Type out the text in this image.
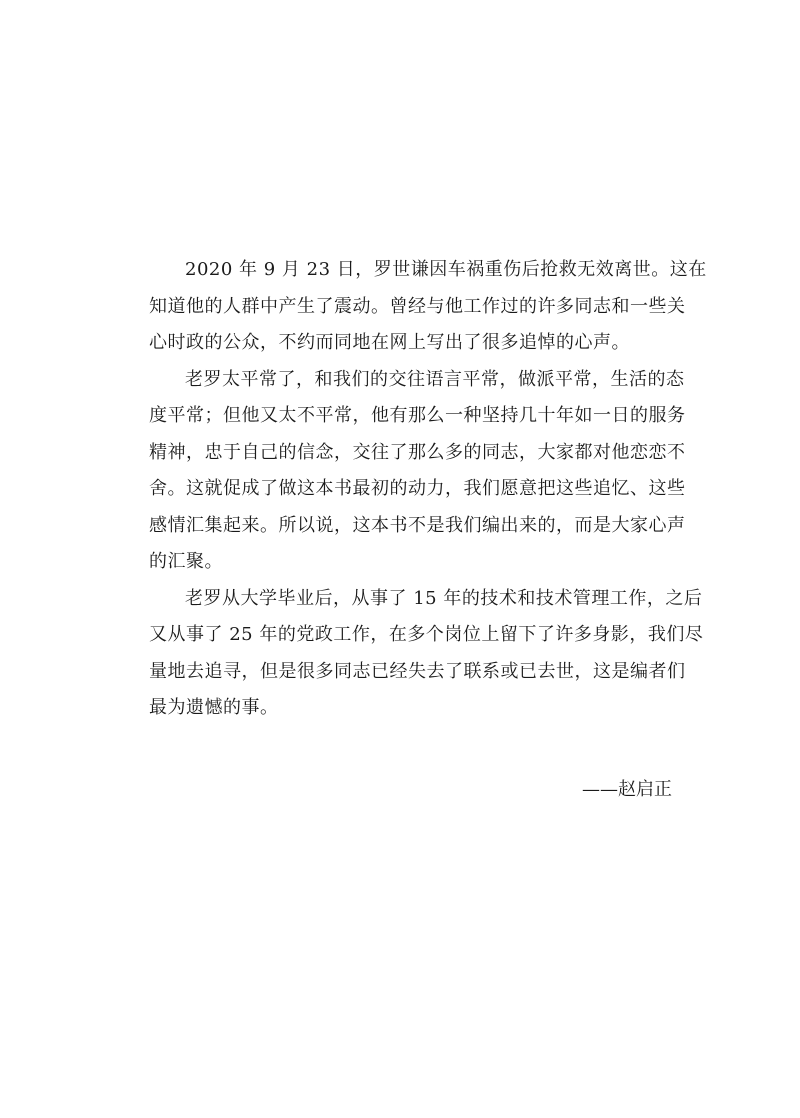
2020 年 9 月 23 日，罗世谦因车祸重伤后抢救无效离世。这在
知道他的人群中产生了震动。曾经与他工作过的许多同志和一些关
心时政的公众，不约而同地在网上写出了很多追悼的心声。
老罗太平常了，和我们的交往语言平常，做派平常，生活的态
度平常；但他又太不平常，他有那么一种坚持几十年如一日的服务
精神，忠于自己的信念，交往了那么多的同志，大家都对他恋恋不
舍。这就促成了做这本书最初的动力，我们愿意把这些追忆、这些
感情汇集起来。所以说，这本书不是我们编出来的，而是大家心声
的汇聚。
老罗从大学毕业后，从事了 15 年的技术和技术管理工作，之后
又从事了 25 年的党政工作，在多个岗位上留下了许多身影，我们尽
量地去追寻，但是很多同志已经失去了联系或已去世，这是编者们
最为遗憾的事。
——赵启正
